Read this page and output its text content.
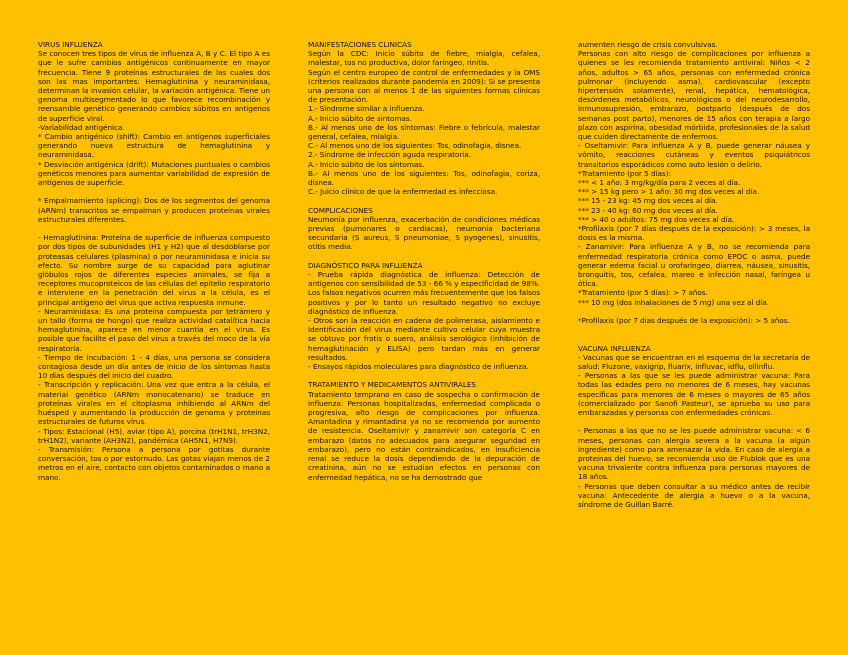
VIRUS INFLUENZA

Se conocen tres tipos de virus de influenza A, B y C. El tipo A es que le sufre cambios antigénicos continuamente en mayor frecuencia. Tiene 9 proteínas estructurales de las cuales dos son las mas importantes: Hemaglutinina y neuraminidasa, determinan la invasión celular, la variación antigénica. Tiene un genoma multisegmentado lo que favorece recombinación y reensamble genético generando cambios súbitos en antígenos de superficie viral.
-Variabilidad antigénica.
* Cambio antigénico (shift): Cambio en antígenos superficiales generando nueva estructura de hemaglutinina y neuraminidasa.
* Desviación antigénica (drift): Mutaciones puntuales o cambios genéticos menores para aumentar variabilidad de expresión de antígenos de superficie.

* Empalmamiento (splicing): Dos de los segmentos del genoma (ARNm) transcritos se empalman y producen proteínas virales estructurales diferentes.

- Hemaglutinina: Proteína de superficie de influenza compuesto por dos tipos de subunidades (H1 y H2) que al desdoblarse por proteasas celulares (plasmina) o por neuraminidasa e inicia su efecto. Su nombre surge de su capacidad para aglutinar glóbulos rojos de diferentes especies animales, se fija a receptores mucoproteicos de las células del epitelio respiratorio e interviene en la penetración del virus a la célula, es el principal antígeno del virus que activa respuesta inmune.
- Neuraminidasa: Es una proteína compuesta por tetrámero y un tallo (forma de hongo) que realiza actividad catalítica hacia hemaglutinina, aparece en menor cuantía en el virus. Es posible que facilite el paso del virus a través del moco de la vía respiratoria.
- Tiempo de incubación: 1 - 4 días, una persona se considera contagiosa desde un día antes de inicio de los síntomas hasta 10 días después del inicio del cuadro.
- Transcripción y replicación: Una vez que entra a la célula, el material genético (ARNm monocatenario) se traduce en proteínas virales en el citoplasma inhibiendo al ARNm del huésped y aumentando la producción de genoma y proteínas estructurales de futuros virus.
- Tipos: Estacional (H5), aviar (tipo A), porcina (trH1N1, trH3N2, trH1N2), variante (AH3N2), pandémica (AH5N1, H7N9).
- Transmisión: Persona a persona por gotitas durante conversación, tos o por estornudo. Las gotas viajan menos de 2 metros en el aire, contacto con objetos contaminados o mano a mano.

MANIFESTACIONES CLINICAS

Según la CDC: Inicio súbito de fiebre, mialgia, cefalea, malestar, tos no productiva, dolor faríngeo, rinitis.
Según el centro europeo de control de enfermedades y la OMS (criterios realizados durante pandemia en 2009): Si se presenta una persona con al menos 1 de las siguientes formas clínicas de presentación.
1.- Síndrome similar a influenza.
A.- Inicio súbito de síntomas.
B.- Al menos uno de los síntomas: Fiebre o febrícula, malestar general, cefalea, mialgia.
C.- Al menos uno de los siguientes: Tos, odinofagia, disnea.
2.- Síndrome de infección aguda respiratoria.
A.- Inicio súbito de los síntomas.
B.- Al menos uno de los siguientes: Tos, odinofagia, coriza, disnea.
C.- Juicio clínico de que la enfermedad es infecciosa.

COMPLICACIONES

Neumonía por influenza, exacerbación de condiciones médicas previas (pumonares o cardiacas), neumonía bacteriana secundaria (S aureus, S pneumoniae, S pyogenes), sinusitis, otitis media.

DIAGNÓSTICO PARA INFLUENZA

- Prueba rápida diagnóstica de influenza: Detección de antígenos con sensibilidad de 53 - 66 % y especificidad de 98%. Los falsos negativos ocurren más frecuentemente que los falsos positivos y por lo tanto un resultado negativo no excluye diagnóstico de influenza.
- Otros son la reacción en cadena de polimerasa, aislamiento e identificación del virus mediante cultivo celular cuya muestra se obtuvo por frotis o suero, análisis serológico (inhibición de hemaglutinación y ELISA) pero tardan más en generar resultados.
- Ensayos rápidos moleculares para diagnóstico de influenza.

TRATAMIENTO Y MEDICAMENTOS ANTIVIRALES

Tratamiento temprano en caso de sospecha o confirmación de influenza: Personas hospitalizadas, enfermedad complicada o progresiva, alto riesgo de complicaciones por influenza. Amantadina y rimantadina ya no se recomienda por aumento de resistencia. Oseltamivir y zanamivir son categoría C en embarazo (datos no adecuados para asegurar seguridad en embarazo), pero no están contraindicados, en insuficiencia renal se reduce la dosis dependiendo de la depuración de creatinina, aún no se estudian efectos en personas con enfermedad hepática, no se ha demostrado que

aumenten riesgo de crisis convulsivas.
Personas con alto riesgo de complicaciones por influenza a quienes se les recomienda tratamiento antiviral: Niños < 2 años, adultos > 65 años, personas con enfermedad crónica pulmonar (incluyendo asma), cardiovascular (excepto hipertensión solamente), renal, hepática, hematológica, desórdenes metabólicos, neurológicos o del neurodesarrollo, inmunosupresión, embarazo, postparto (después de dos semanas post parto), menores de 15 años con terapia a largo plazo con aspirina, obesidad mórbida, profesionales de la salud que cuiden directamente de enfermos.
- Oseltamivir: Para influenza A y B, puede generar náusea y vómito, reacciones cutáneas y eventos psiquiátricos transitorios esporádicos como auto lesión o delirio.
*Tratamiento (por 5 días):
*** < 1 año: 3 mg/kg/día para 2 veces al día.
*** > 15 kg pero > 1 año: 30 mg dos veces al día.
*** 15 - 23 kg: 45 mg dos veces al día.
*** 23 - 40 kg: 60 mg dos veces al día.
*** > 40 o adultos: 75 mg dos veces al día.
*Profilaxis (por 7 días después de la exposición): > 3 meses, la dosis es la misma.
- Zanamivir: Para influenza A y B, no se recomienda para enfermedad respiratoria crónica como EPOC o asma, puede generar edema facial u orofaríngeo, diarrea, náusea, sinusitis, bronquitis, tos, cefalea, mareo e infección nasal, faríngea u ótica.
*Tratamiento (por 5 días): > 7 años.
*** 10 mg (dos inhalaciones de 5 mg) una vez al día.

*Profilaxis (por 7 días después de la exposición): > 5 años.

VACUNA INFLUENZA

- Vacunas que se encuentran en el esquema de la secretaría de salud: Fluzone, vaxigrip, fluarix, influvac, idflu, ollinflu.
- Personas a las que se les puede administrar vacuna: Para todas las edades pero no menores de 6 meses, hay vacunas específicas para menores de 6 meses o mayores de 65 años (comercializado por Sanofi Pasteur), se aprueba su uso para embarazadas y personas con enfermedades crónicas.

- Personas a las que no se les puede administrar vacuna: < 6 meses, personas con alergia severa a la vacuna (a algún ingrediente) como para amenazar la vida. En caso de alergia a proteínas del huevo, se recomienda uso de Flublok que es una vacuna trivalente contra influenza para personas mayores de 18 años.
- Personas que deben consultar a su médico antes de recibir vacuna: Antecedente de alergia a huevo o a la vacuna, síndrome de Guillan Barré.
